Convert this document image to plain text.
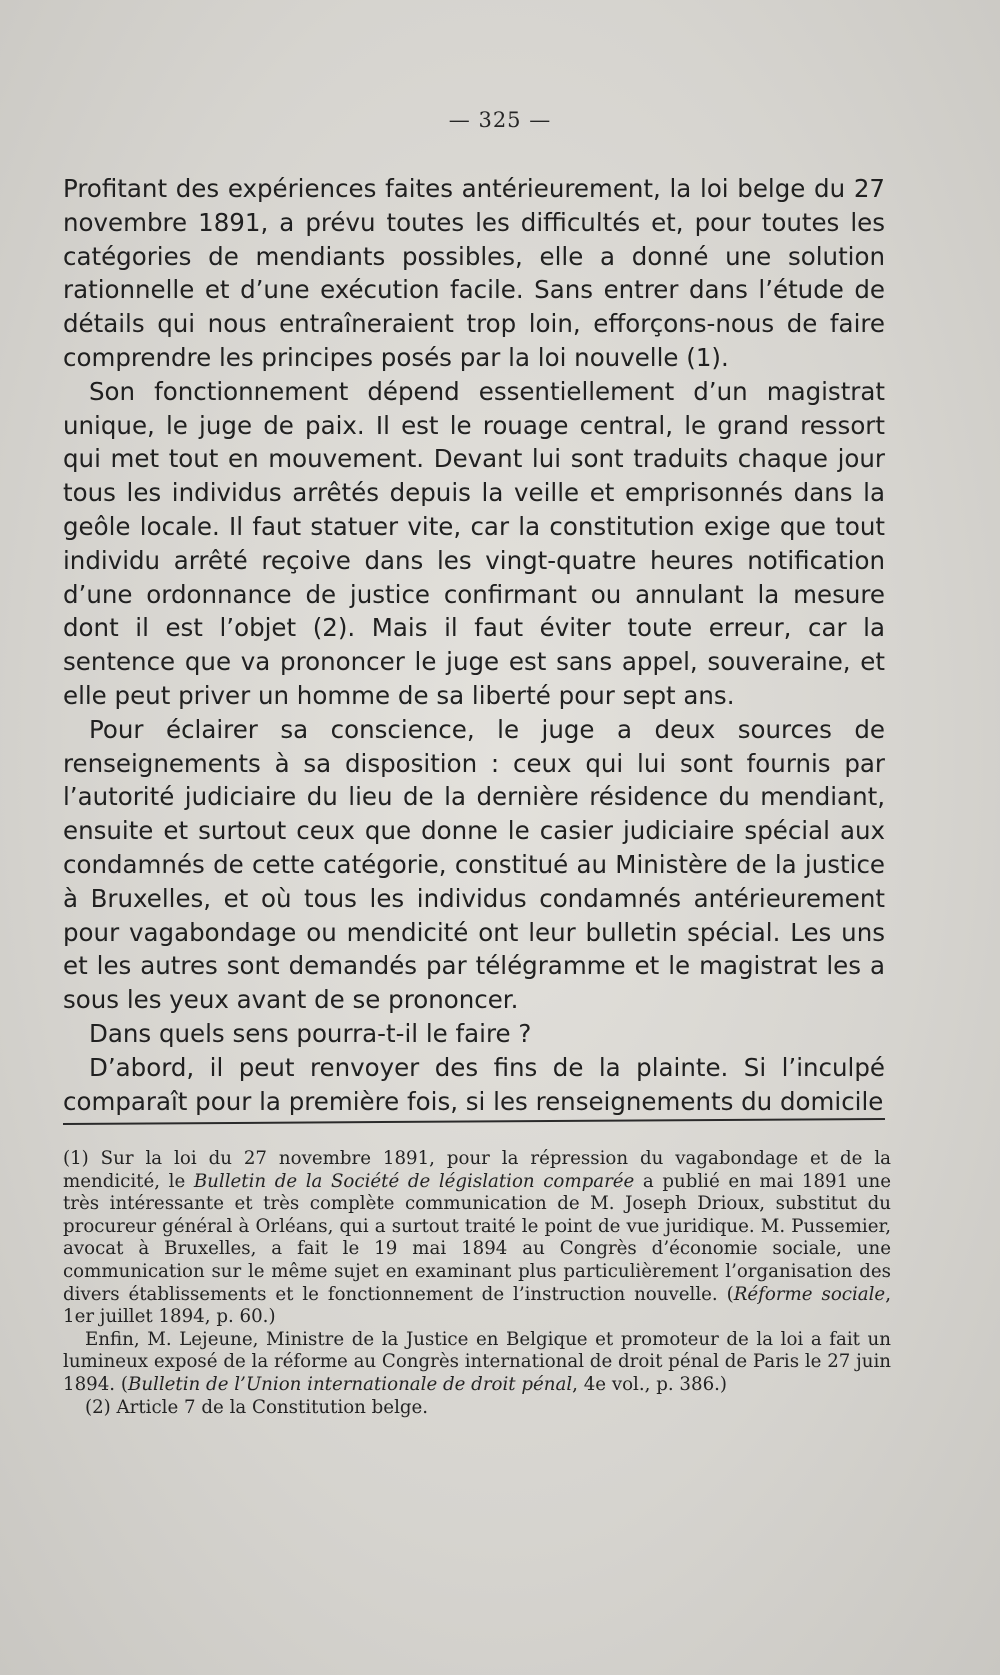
— 325 —

Profitant des expériences faites antérieurement, la loi belge du 27 novembre 1891, a prévu toutes les difficultés et, pour toutes les catégories de mendiants possibles, elle a donné une solution rationnelle et d’une exécution facile. Sans entrer dans l’étude de détails qui nous entraîneraient trop loin, efforçons-nous de faire comprendre les principes posés par la loi nouvelle (1).

Son fonctionnement dépend essentiellement d’un magistrat unique, le juge de paix. Il est le rouage central, le grand ressort qui met tout en mouvement. Devant lui sont traduits chaque jour tous les individus arrêtés depuis la veille et emprisonnés dans la geôle locale. Il faut statuer vite, car la constitution exige que tout individu arrêté reçoive dans les vingt-quatre heures notification d’une ordonnance de justice confirmant ou annulant la mesure dont il est l’objet (2). Mais il faut éviter toute erreur, car la sentence que va prononcer le juge est sans appel, souveraine, et elle peut priver un homme de sa liberté pour sept ans.

Pour éclairer sa conscience, le juge a deux sources de renseignements à sa disposition : ceux qui lui sont fournis par l’autorité judiciaire du lieu de la dernière résidence du mendiant, ensuite et surtout ceux que donne le casier judiciaire spécial aux condamnés de cette catégorie, constitué au Ministère de la justice à Bruxelles, et où tous les individus condamnés antérieurement pour vagabondage ou mendicité ont leur bulletin spécial. Les uns et les autres sont demandés par télégramme et le magistrat les a sous les yeux avant de se prononcer.

Dans quels sens pourra-t-il le faire ?

D’abord, il peut renvoyer des fins de la plainte. Si l’inculpé comparaît pour la première fois, si les renseignements du domicile

(1) Sur la loi du 27 novembre 1891, pour la répression du vagabondage et de la mendicité, le Bulletin de la Société de législation comparée a publié en mai 1891 une très intéressante et très complète communication de M. Joseph Drioux, substitut du procureur général à Orléans, qui a surtout traité le point de vue juridique. M. Pussemier, avocat à Bruxelles, a fait le 19 mai 1894 au Congrès d’économie sociale, une communication sur le même sujet en examinant plus particulièrement l’organisation des divers établissements et le fonctionnement de l’instruction nouvelle. (Réforme sociale, 1er juillet 1894, p. 60.)

Enfin, M. Lejeune, Ministre de la Justice en Belgique et promoteur de la loi a fait un lumineux exposé de la réforme au Congrès international de droit pénal de Paris le 27 juin 1894. (Bulletin de l’Union internationale de droit pénal, 4e vol., p. 386.)

(2) Article 7 de la Constitution belge.
